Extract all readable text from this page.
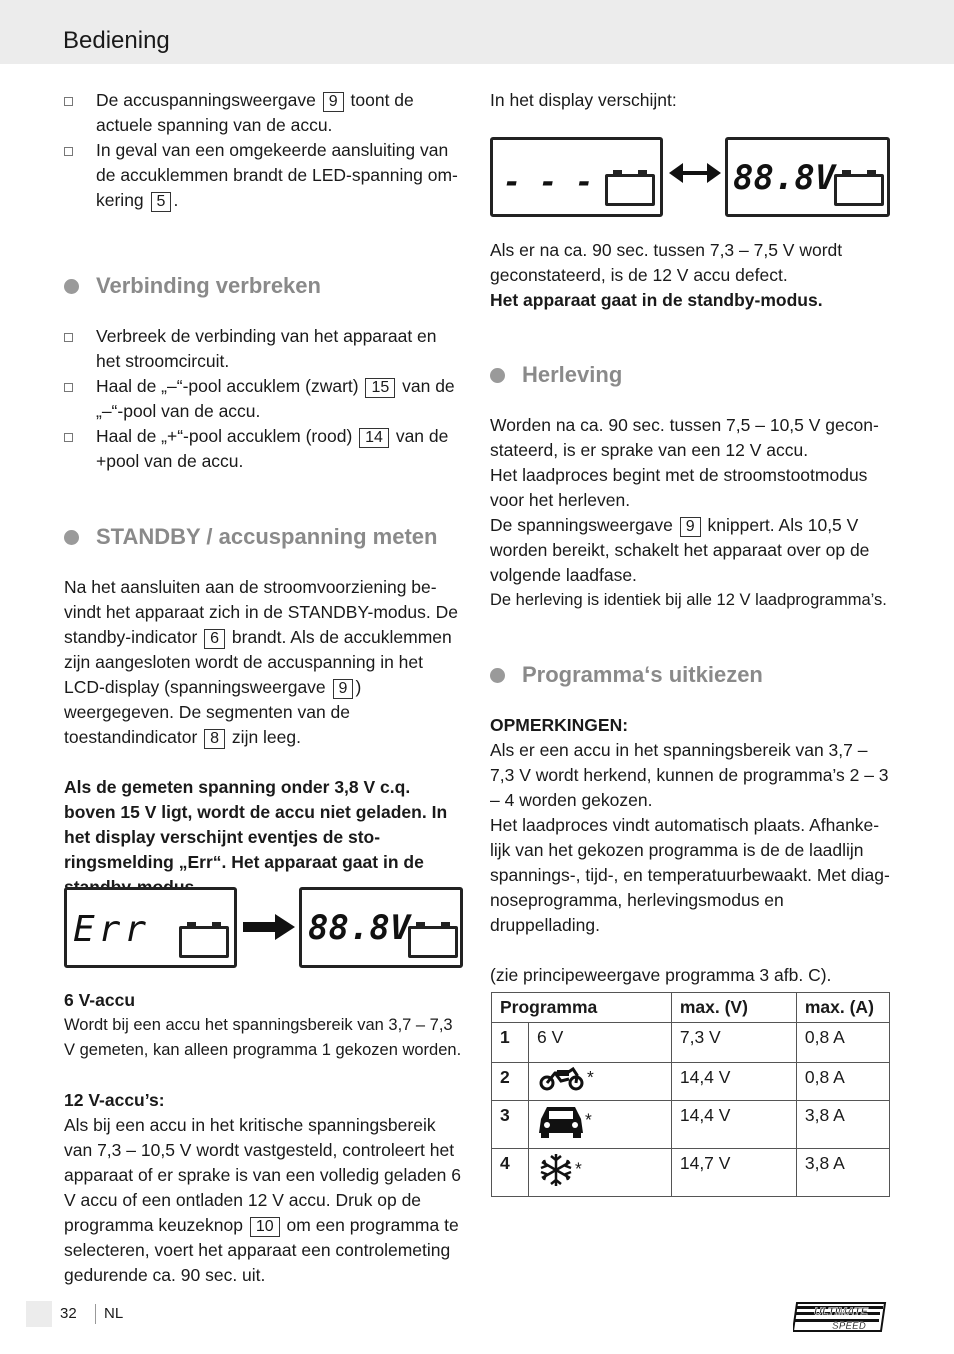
Bediening
De accuspanningsweergave 9 toont de actuele spanning van de accu.
In geval van een omgekeerde aansluiting van de accuklemmen brandt de LED-spanning omkering 5 .
Verbinding verbreken
Verbreek de verbinding van het apparaat en het stroomcircuit.
Haal de „–“-pool accuklem (zwart) 15 van de „–“-pool van de accu.
Haal de „+“-pool accuklem (rood) 14 van de +pool van de accu.
STANDBY / accuspanning meten

Na het aansluiten aan de stroomvoorziening bevindt het apparaat zich in de STANDBY-modus. De standby-indicator 6 brandt. Als de accuklemmen zijn aangesloten wordt de accuspanning in het LCD-display (spanningsweergave 9 ) weergegeven. De segmenten van de toestandindicator 8 zijn leeg.

Als de gemeten spanning onder 3,8 V c.q. boven 15 V ligt, wordt de accu niet geladen. In het display verschijnt eventjes de storingsmelding „Err“. Het apparaat gaat in de

Err	88.8V

6 V-accu

Wordt bij een accu het spanningsbereik van 3,7 – 7,3 V gemeten, kan alleen programma 1 gekozen worden.

12 V-accu’s:

Als bij een accu in het kritische spanningsbereik van 7,3 – 10,5 V wordt vastgesteld, controleert het apparaat of er sprake is van een volledig geladen 6 V accu of een ontladen 12 V accu. Druk op de programma keuzeknop 10 om een programma te selecteren, voert het apparaat een controlemeting gedurende ca. 90 sec. uit.

In het display verschijnt:

- - -	88.8V

Als er na ca. 90 sec. tussen 7,3 – 7,5 V wordt geconstateerd, is de 12 V accu defect.

Het apparaat gaat in de standby-modus.

Herleving

Worden na ca. 90 sec. tussen 7,5 – 10,5 V geconstateerd, is er sprake van een 12 V accu.

Het laadproces begint met de stroomstootmodus voor het herleven.

De spanningsweergave 9 knippert. Als 10,5 V worden bereikt, schakelt het apparaat over op de volgende laadfase.

De herleving is identiek bij alle 12 V laadprogramma’s.

Programma‘s uitkiezen

OPMERKINGEN:

Als er een accu in het spanningsbereik van 3,7 – 7,3 V wordt herkend, kunnen de programma’s 2 – 3 – 4 worden gekozen.

Het laadproces vindt automatisch plaats. Afhankelijk van het gekozen programma is de de laadlijn spannings-, tijd-, en temperatuurbewaakt. Met diagnoseprogramma, herlevingsmodus en druppellading.

(zie principeweergave programma 3 afb. C).

Programma		max. (V)	max. (A)
1	6 V	7,3 V	0,8 A
2	*	14,4 V	0,8 A
3	*	14,4 V	3,8 A
4	*	14,7 V	3,8 A
32	NL	ULTIMATE
SPEED
